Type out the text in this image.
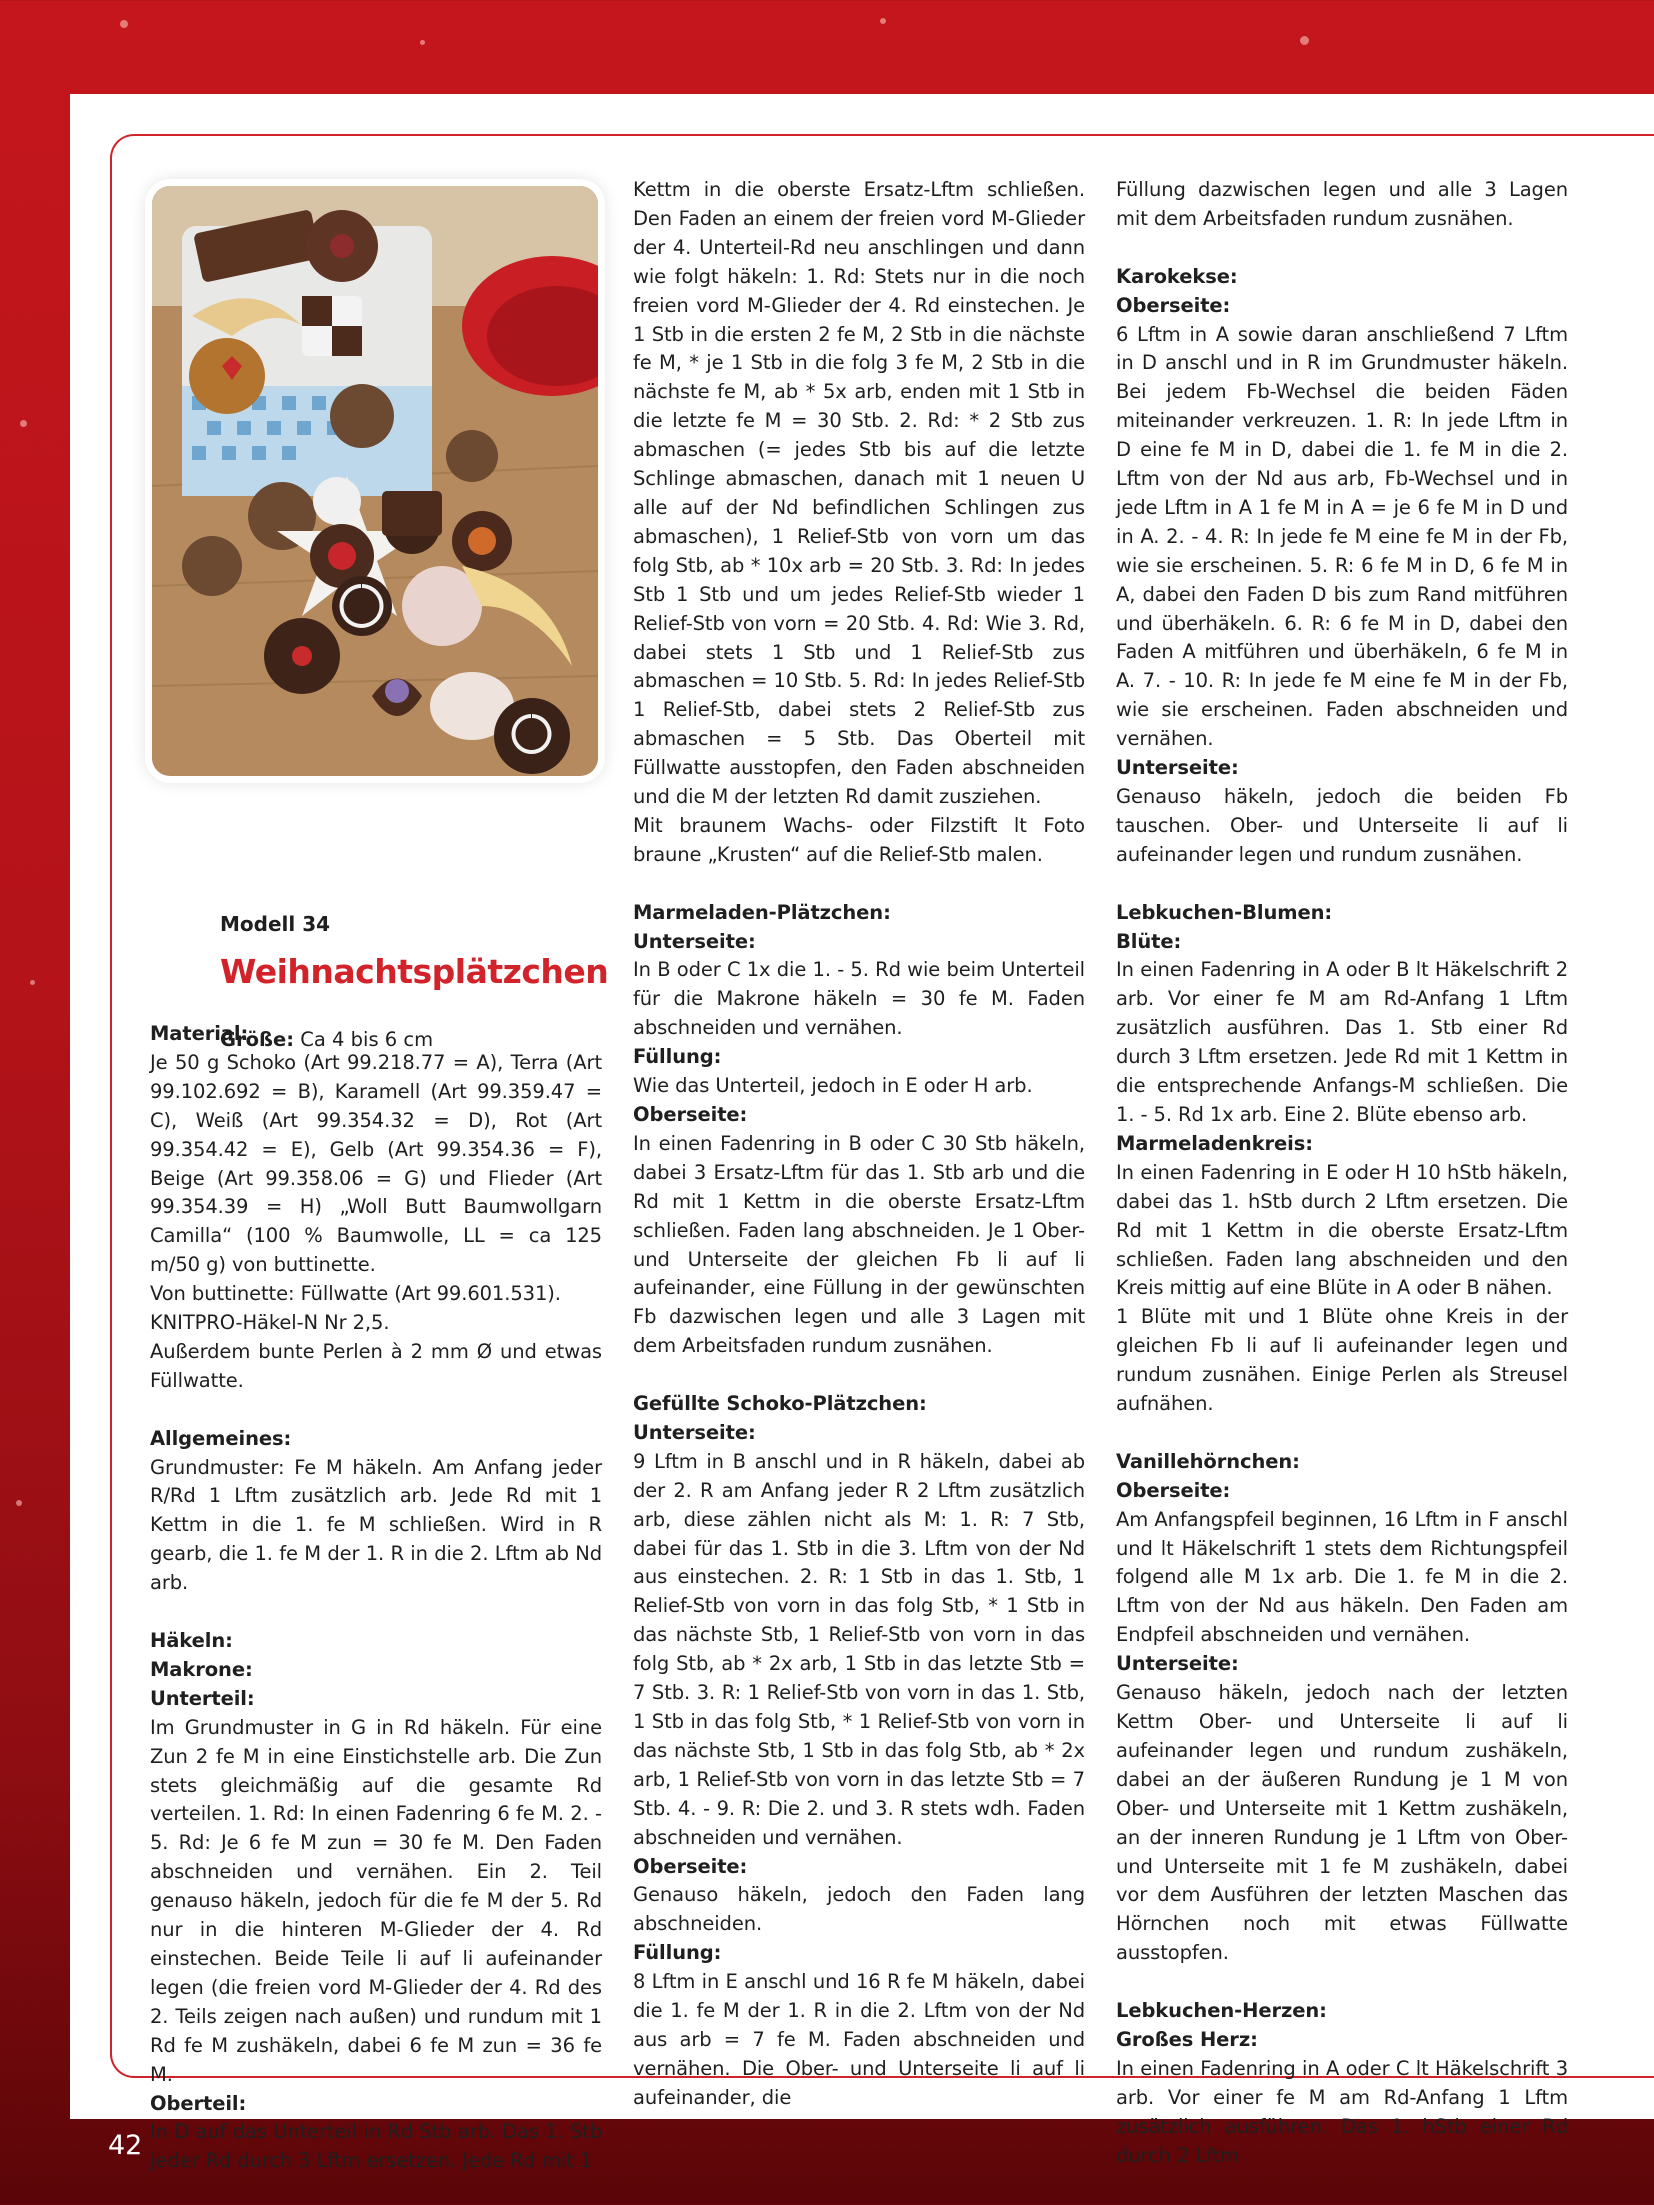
Modell 34
Weihnachtsplätzchen
Größe: Ca 4 bis 6 cm

Material:

Je 50 g Schoko (Art 99.218.77 = A), Terra (Art 99.102.692 = B), Karamell (Art 99.359.47 = C), Weiß (Art 99.354.32 = D), Rot (Art 99.354.42 = E), Gelb (Art 99.354.36 = F), Beige (Art 99.358.06 = G) und Flieder (Art 99.354.39 = H) „Woll Butt Baumwollgarn Camilla“ (100 % Baumwolle, LL = ca 125 m/50 g) von buttinette.

Von buttinette: Füllwatte (Art 99.601.531).

KNITPRO-Häkel-N Nr 2,5.

Außerdem bunte Perlen à 2 mm Ø und etwas Füllwatte.

Allgemeines:

Grundmuster: Fe M häkeln. Am Anfang jeder R/Rd 1 Lftm zusätzlich arb. Jede Rd mit 1 Kettm in die 1. fe M schließen. Wird in R gearb, die 1. fe M der 1. R in die 2. Lftm ab Nd arb.

Häkeln:

Makrone:

Unterteil:

Im Grundmuster in G in Rd häkeln. Für eine Zun 2 fe M in eine Einstichstelle arb. Die Zun stets gleichmäßig auf die gesamte Rd verteilen. 1. Rd: In einen Fadenring 6 fe M. 2. - 5. Rd: Je 6 fe M zun = 30 fe M. Den Faden abschneiden und vernähen. Ein 2. Teil genauso häkeln, jedoch für die fe M der 5. Rd nur in die hinteren M-Glieder der 4. Rd einstechen. Beide Teile li auf li aufeinander legen (die freien vord M-Glieder der 4. Rd des 2. Teils zeigen nach außen) und rundum mit 1 Rd fe M zushäkeln, dabei 6 fe M zun = 36 fe M.

Oberteil:

In D auf das Unterteil in Rd Stb arb. Das 1. Stb jeder Rd durch 3 Lftm ersetzen. Jede Rd mit 1

Kettm in die oberste Ersatz-Lftm schließen. Den Faden an einem der freien vord M-Glieder der 4. Unterteil-Rd neu anschlingen und dann wie folgt häkeln: 1. Rd: Stets nur in die noch freien vord M-Glieder der 4. Rd einstechen. Je 1 Stb in die ersten 2 fe M, 2 Stb in die nächste fe M, * je 1 Stb in die folg 3 fe M, 2 Stb in die nächste fe M, ab * 5x arb, enden mit 1 Stb in die letzte fe M = 30 Stb. 2. Rd: * 2 Stb zus abmaschen (= jedes Stb bis auf die letzte Schlinge abmaschen, danach mit 1 neuen U alle auf der Nd befindlichen Schlingen zus abmaschen), 1 Relief-Stb von vorn um das folg Stb, ab * 10x arb = 20 Stb. 3. Rd: In jedes Stb 1 Stb und um jedes Relief-Stb wieder 1 Relief-Stb von vorn = 20 Stb. 4. Rd: Wie 3. Rd, dabei stets 1 Stb und 1 Relief-Stb zus abmaschen = 10 Stb. 5. Rd: In jedes Relief-Stb 1 Relief-Stb, dabei stets 2 Relief-Stb zus abmaschen = 5 Stb. Das Oberteil mit Füllwatte ausstopfen, den Faden abschneiden und die M der letzten Rd damit zusziehen.

Mit braunem Wachs- oder Filzstift lt Foto braune „Krusten“ auf die Relief-Stb malen.

Marmeladen-Plätzchen:

Unterseite:

In B oder C 1x die 1. - 5. Rd wie beim Unterteil für die Makrone häkeln = 30 fe M. Faden abschneiden und vernähen.

Füllung:

Wie das Unterteil, jedoch in E oder H arb.

Oberseite:

In einen Fadenring in B oder C 30 Stb häkeln, dabei 3 Ersatz-Lftm für das 1. Stb arb und die Rd mit 1 Kettm in die oberste Ersatz-Lftm schließen. Faden lang abschneiden. Je 1 Ober- und Unterseite der gleichen Fb li auf li aufeinander, eine Füllung in der gewünschten Fb dazwischen legen und alle 3 Lagen mit dem Arbeitsfaden rundum zusnähen.

Gefüllte Schoko-Plätzchen:

Unterseite:

9 Lftm in B anschl und in R häkeln, dabei ab der 2. R am Anfang jeder R 2 Lftm zusätzlich arb, diese zählen nicht als M: 1. R: 7 Stb, dabei für das 1. Stb in die 3. Lftm von der Nd aus einstechen. 2. R: 1 Stb in das 1. Stb, 1 Relief-Stb von vorn in das folg Stb, * 1 Stb in das nächste Stb, 1 Relief-Stb von vorn in das folg Stb, ab * 2x arb, 1 Stb in das letzte Stb = 7 Stb. 3. R: 1 Relief-Stb von vorn in das 1. Stb, 1 Stb in das folg Stb, * 1 Relief-Stb von vorn in das nächste Stb, 1 Stb in das folg Stb, ab * 2x arb, 1 Relief-Stb von vorn in das letzte Stb = 7 Stb. 4. - 9. R: Die 2. und 3. R stets wdh. Faden abschneiden und vernähen.

Oberseite:

Genauso häkeln, jedoch den Faden lang abschneiden.

Füllung:

8 Lftm in E anschl und 16 R fe M häkeln, dabei die 1. fe M der 1. R in die 2. Lftm von der Nd aus arb = 7 fe M. Faden abschneiden und vernähen. Die Ober- und Unterseite li auf li aufeinander, die

Füllung dazwischen legen und alle 3 Lagen mit dem Arbeitsfaden rundum zusnähen.

Karokekse:

Oberseite:

6 Lftm in A sowie daran anschließend 7 Lftm in D anschl und in R im Grundmuster häkeln. Bei jedem Fb-Wechsel die beiden Fäden miteinander verkreuzen. 1. R: In jede Lftm in D eine fe M in D, dabei die 1. fe M in die 2. Lftm von der Nd aus arb, Fb-Wechsel und in jede Lftm in A 1 fe M in A = je 6 fe M in D und in A. 2. - 4. R: In jede fe M eine fe M in der Fb, wie sie erscheinen. 5. R: 6 fe M in D, 6 fe M in A, dabei den Faden D bis zum Rand mitführen und überhäkeln. 6. R: 6 fe M in D, dabei den Faden A mitführen und überhäkeln, 6 fe M in A. 7. - 10. R: In jede fe M eine fe M in der Fb, wie sie erscheinen. Faden abschneiden und vernähen.

Unterseite:

Genauso häkeln, jedoch die beiden Fb tauschen. Ober- und Unterseite li auf li aufeinander legen und rundum zusnähen.

Lebkuchen-Blumen:

Blüte:

In einen Fadenring in A oder B lt Häkelschrift 2 arb. Vor einer fe M am Rd-Anfang 1 Lftm zusätzlich ausführen. Das 1. Stb einer Rd durch 3 Lftm ersetzen. Jede Rd mit 1 Kettm in die entsprechende Anfangs-M schließen. Die 1. - 5. Rd 1x arb. Eine 2. Blüte ebenso arb.

Marmeladenkreis:

In einen Fadenring in E oder H 10 hStb häkeln, dabei das 1. hStb durch 2 Lftm ersetzen. Die Rd mit 1 Kettm in die oberste Ersatz-Lftm schließen. Faden lang abschneiden und den Kreis mittig auf eine Blüte in A oder B nähen.

1 Blüte mit und 1 Blüte ohne Kreis in der gleichen Fb li auf li aufeinander legen und rundum zusnähen. Einige Perlen als Streusel aufnähen.

Vanillehörnchen:

Oberseite:

Am Anfangspfeil beginnen, 16 Lftm in F anschl und lt Häkelschrift 1 stets dem Richtungspfeil folgend alle M 1x arb. Die 1. fe M in die 2. Lftm von der Nd aus häkeln. Den Faden am Endpfeil abschneiden und vernähen.

Unterseite:

Genauso häkeln, jedoch nach der letzten Kettm Ober- und Unterseite li auf li aufeinander legen und rundum zushäkeln, dabei an der äußeren Rundung je 1 M von Ober- und Unterseite mit 1 Kettm zushäkeln, an der inneren Rundung je 1 Lftm von Ober- und Unterseite mit 1 fe M zushäkeln, dabei vor dem Ausführen der letzten Maschen das Hörnchen noch mit etwas Füllwatte ausstopfen.

Lebkuchen-Herzen:

Großes Herz:

In einen Fadenring in A oder C lt Häkelschrift 3 arb. Vor einer fe M am Rd-Anfang 1 Lftm zusätzlich ausführen. Das 1. hStb einer Rd durch 2 Lftm

42
